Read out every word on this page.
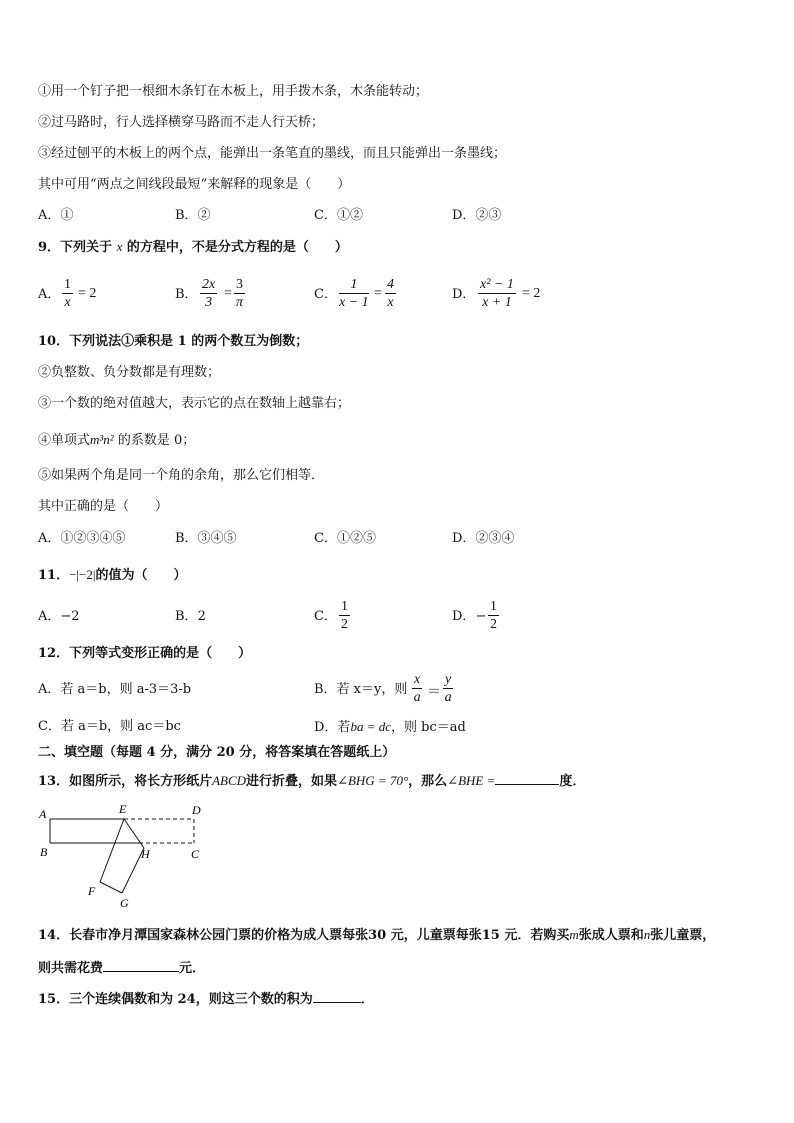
①用一个钉子把一根细木条钉在木板上，用手拨木条，木条能转动；
②过马路时，行人选择横穿马路而不走人行天桥；
③经过刨平的木板上的两个点，能弹出一条笔直的墨线，而且只能弹出一条墨线；
其中可用“两点之间线段最短”来解释的现象是（　　）
A．①	B．②	C．①②	D．②③
9．下列关于 x 的方程中，不是分式方程的是（　　）
A． $\frac{1}{x} = 2$	B． $\frac{2x}{3} = \frac{3}{\pi}$	C． $\frac{1}{x - 1} = \frac{4}{x}$	D． $\frac{\text{x² − 1}}{x + 1} = 2$
10．下列说法①乘积是 1 的两个数互为倒数；
②负整数、负分数都是有理数；
③一个数的绝对值越大，表示它的点在数轴上越靠右；
④单项式m³n² 的系数是 0；
⑤如果两个角是同一个角的余角，那么它们相等．
其中正确的是（　　）
A．①②③④⑤	B．③④⑤	C．①②⑤	D．②③④
11．−|−2|的值为（　　）
A．−2	B．2	C． $\frac{1}{2}$	D．− $\frac{1}{2}$
12．下列等式变形正确的是（　　）
A．若 a＝b，则 a-3＝3-b	B．若 x＝y，则 $\frac{x}{a} = \frac{y}{a}$
C．若 a＝b，则 ac＝bc	D．若ba = dc，则 bc＝ad
二、填空题（每题 4 分，满分 20 分，将答案填在答题纸上）
13．如图所示，将长方形纸片ABCD进行折叠，如果∠BHG = 70°，那么∠BHE =	度．
A
B
E	D
H	C
F
G
14．长春市净月潭国家森林公园门票的价格为成人票每张30 元，儿童票每张15 元．若购买m张成人票和n张儿童票，
则共需花费	元．
15．三个连续偶数和为 24，则这三个数的积为	．
